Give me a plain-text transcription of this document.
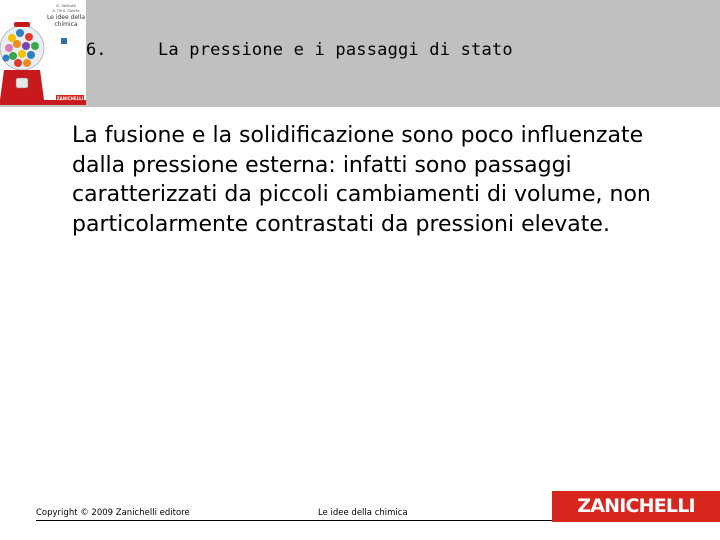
ZANICHELLI
G. Valitutti
A. Tifi A. Gentile
Le idee della
chimica
6.	La pressione e i passaggi di stato

La fusione e la solidificazione sono poco influenzate dalla pressione esterna: infatti sono passaggi caratterizzati da piccoli cambiamenti di volume, non particolarmente contrastati da pressioni elevate.

Copyright © 2009 Zanichelli editore	Le idee della chimica	ZANICHELLI
